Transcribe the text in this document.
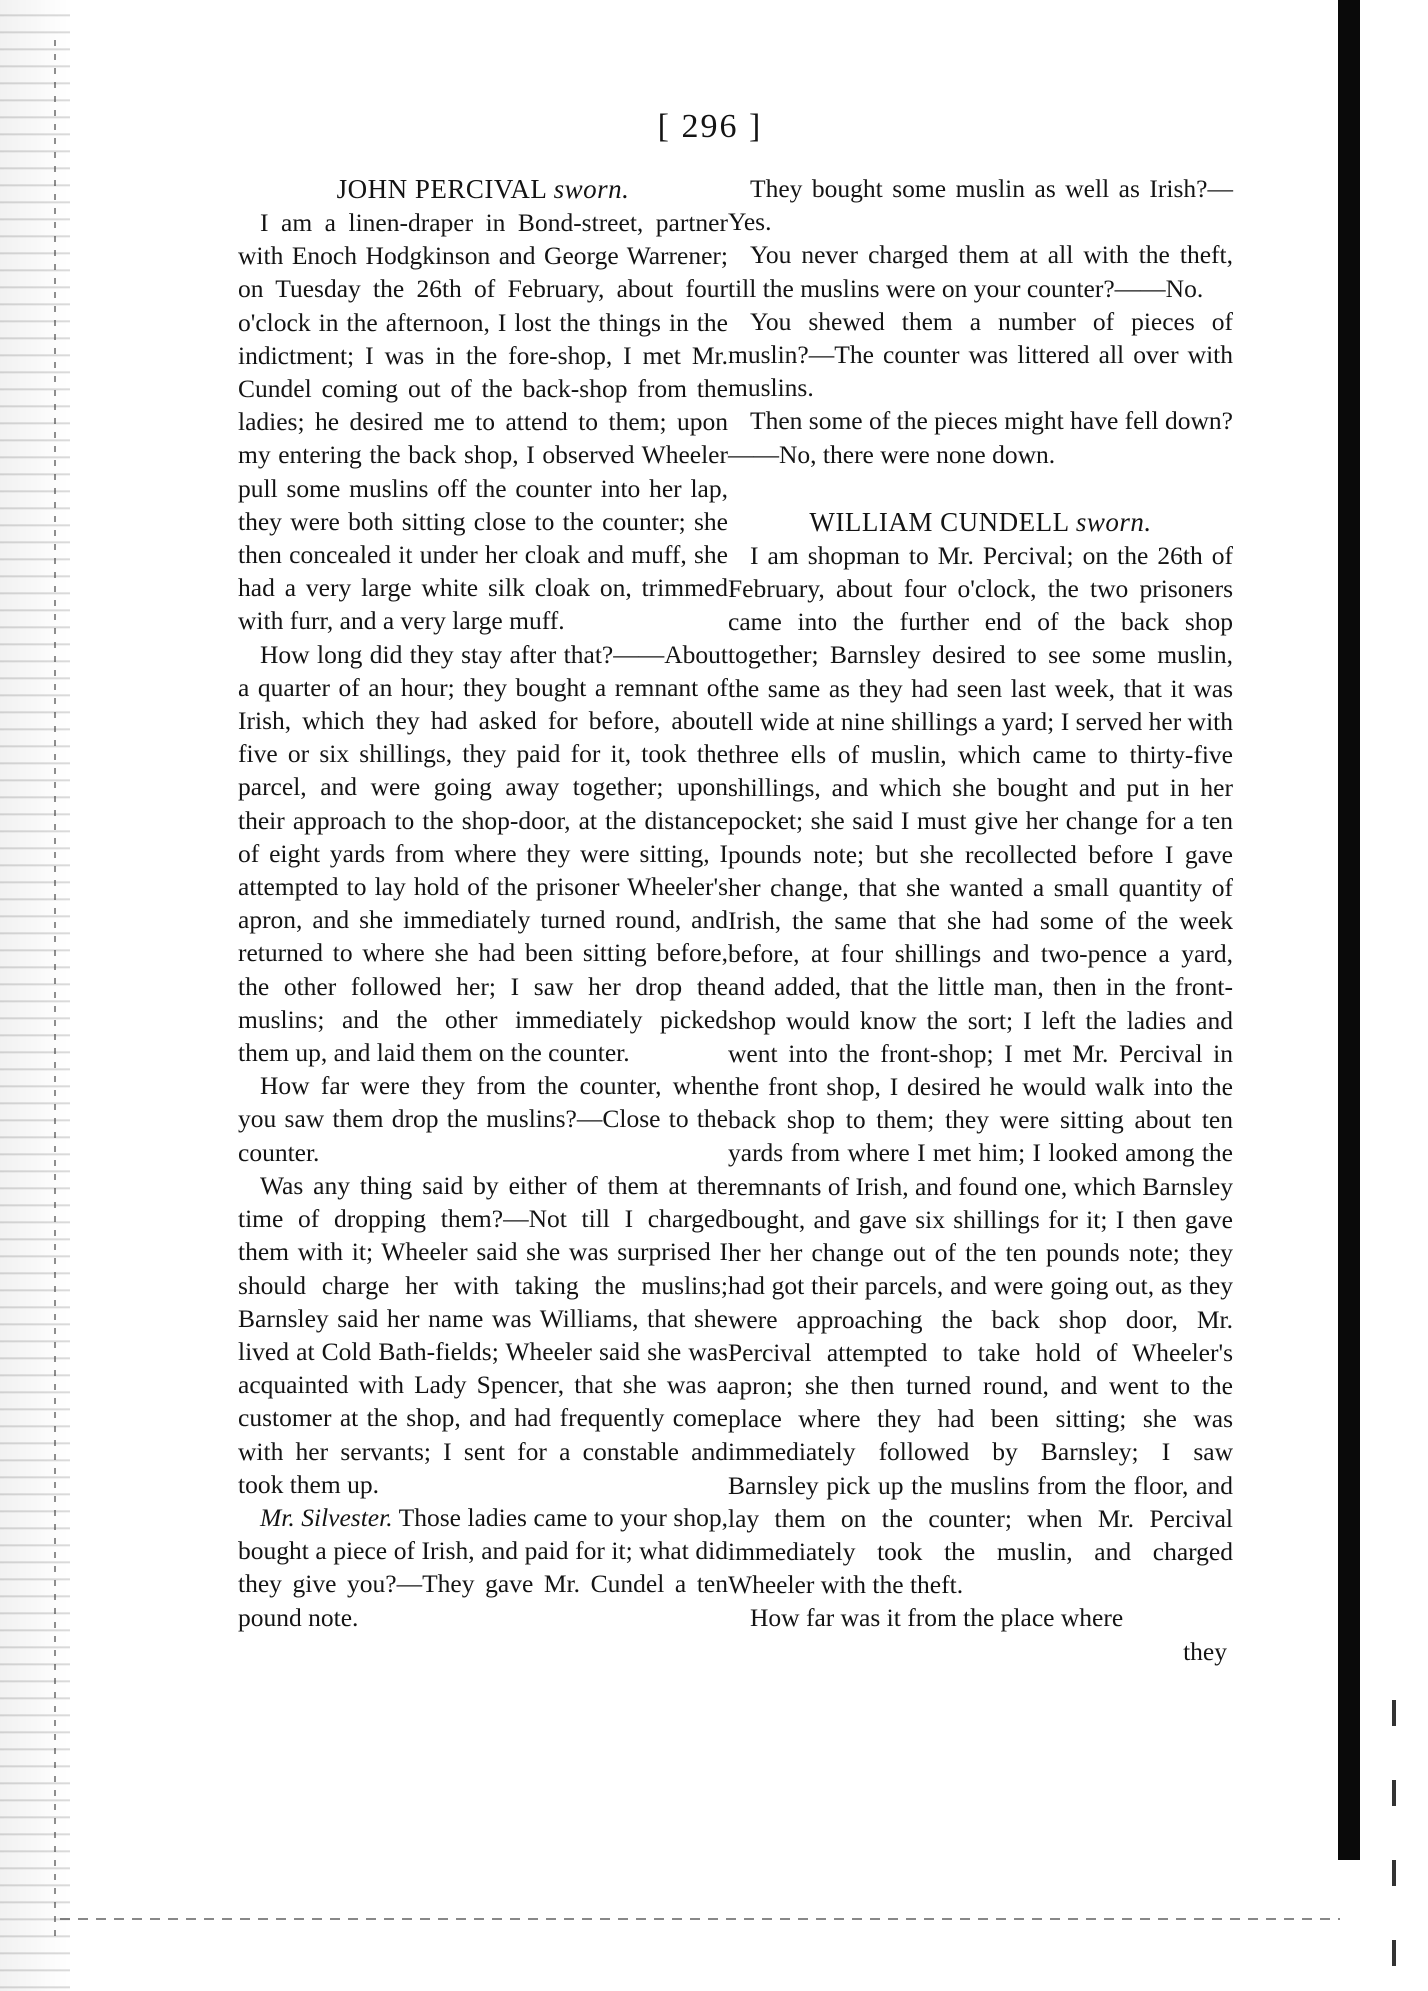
[ 296 ]

JOHN PERCIVAL sworn.

I am a linen-draper in Bond-street, partner with Enoch Hodgkinson and George Warrener; on Tuesday the 26th of February, about four o'clock in the afternoon, I lost the things in the indictment; I was in the fore-shop, I met Mr. Cundel coming out of the back-shop from the ladies; he desired me to attend to them; upon my entering the back shop, I observed Wheeler pull some muslins off the counter into her lap, they were both sitting close to the counter; she then concealed it under her cloak and muff, she had a very large white silk cloak on, trimmed with furr, and a very large muff.

How long did they stay after that?——About a quarter of an hour; they bought a remnant of Irish, which they had asked for before, about five or six shillings, they paid for it, took the parcel, and were going away together; upon their approach to the shop-door, at the distance of eight yards from where they were sitting, I attempted to lay hold of the prisoner Wheeler's apron, and she immediately turned round, and returned to where she had been sitting before, the other followed her; I saw her drop the muslins; and the other immediately picked them up, and laid them on the counter.

How far were they from the counter, when you saw them drop the muslins?—Close to the counter.

Was any thing said by either of them at the time of dropping them?—Not till I charged them with it; Wheeler said she was surprised I should charge her with taking the muslins; Barnsley said her name was Williams, that she lived at Cold Bath-fields; Wheeler said she was acquainted with Lady Spencer, that she was a customer at the shop, and had frequently come with her servants; I sent for a constable and took them up.

Mr. Silvester. Those ladies came to your shop, bought a piece of Irish, and paid for it; what did they give you?—They gave Mr. Cundel a ten pound note.

They bought some muslin as well as Irish?—Yes.

You never charged them at all with the theft, till the muslins were on your counter?——No.

You shewed them a number of pieces of muslin?—The counter was littered all over with muslins.

Then some of the pieces might have fell down?——No, there were none down.

WILLIAM CUNDELL sworn.

I am shopman to Mr. Percival; on the 26th of February, about four o'clock, the two prisoners came into the further end of the back shop together; Barnsley desired to see some muslin, the same as they had seen last week, that it was ell wide at nine shillings a yard; I served her with three ells of muslin, which came to thirty-five shillings, and which she bought and put in her pocket; she said I must give her change for a ten pounds note; but she recollected before I gave her change, that she wanted a small quantity of Irish, the same that she had some of the week before, at four shillings and two-pence a yard, and added, that the little man, then in the front-shop would know the sort; I left the ladies and went into the front-shop; I met Mr. Percival in the front shop, I desired he would walk into the back shop to them; they were sitting about ten yards from where I met him; I looked among the remnants of Irish, and found one, which Barnsley bought, and gave six shillings for it; I then gave her her change out of the ten pounds note; they had got their parcels, and were going out, as they were approaching the back shop door, Mr. Percival attempted to take hold of Wheeler's apron; she then turned round, and went to the place where they had been sitting; she was immediately followed by Barnsley; I saw Barnsley pick up the muslins from the floor, and lay them on the counter; when Mr. Percival immediately took the muslin, and charged Wheeler with the theft.

How far was it from the place where

they
